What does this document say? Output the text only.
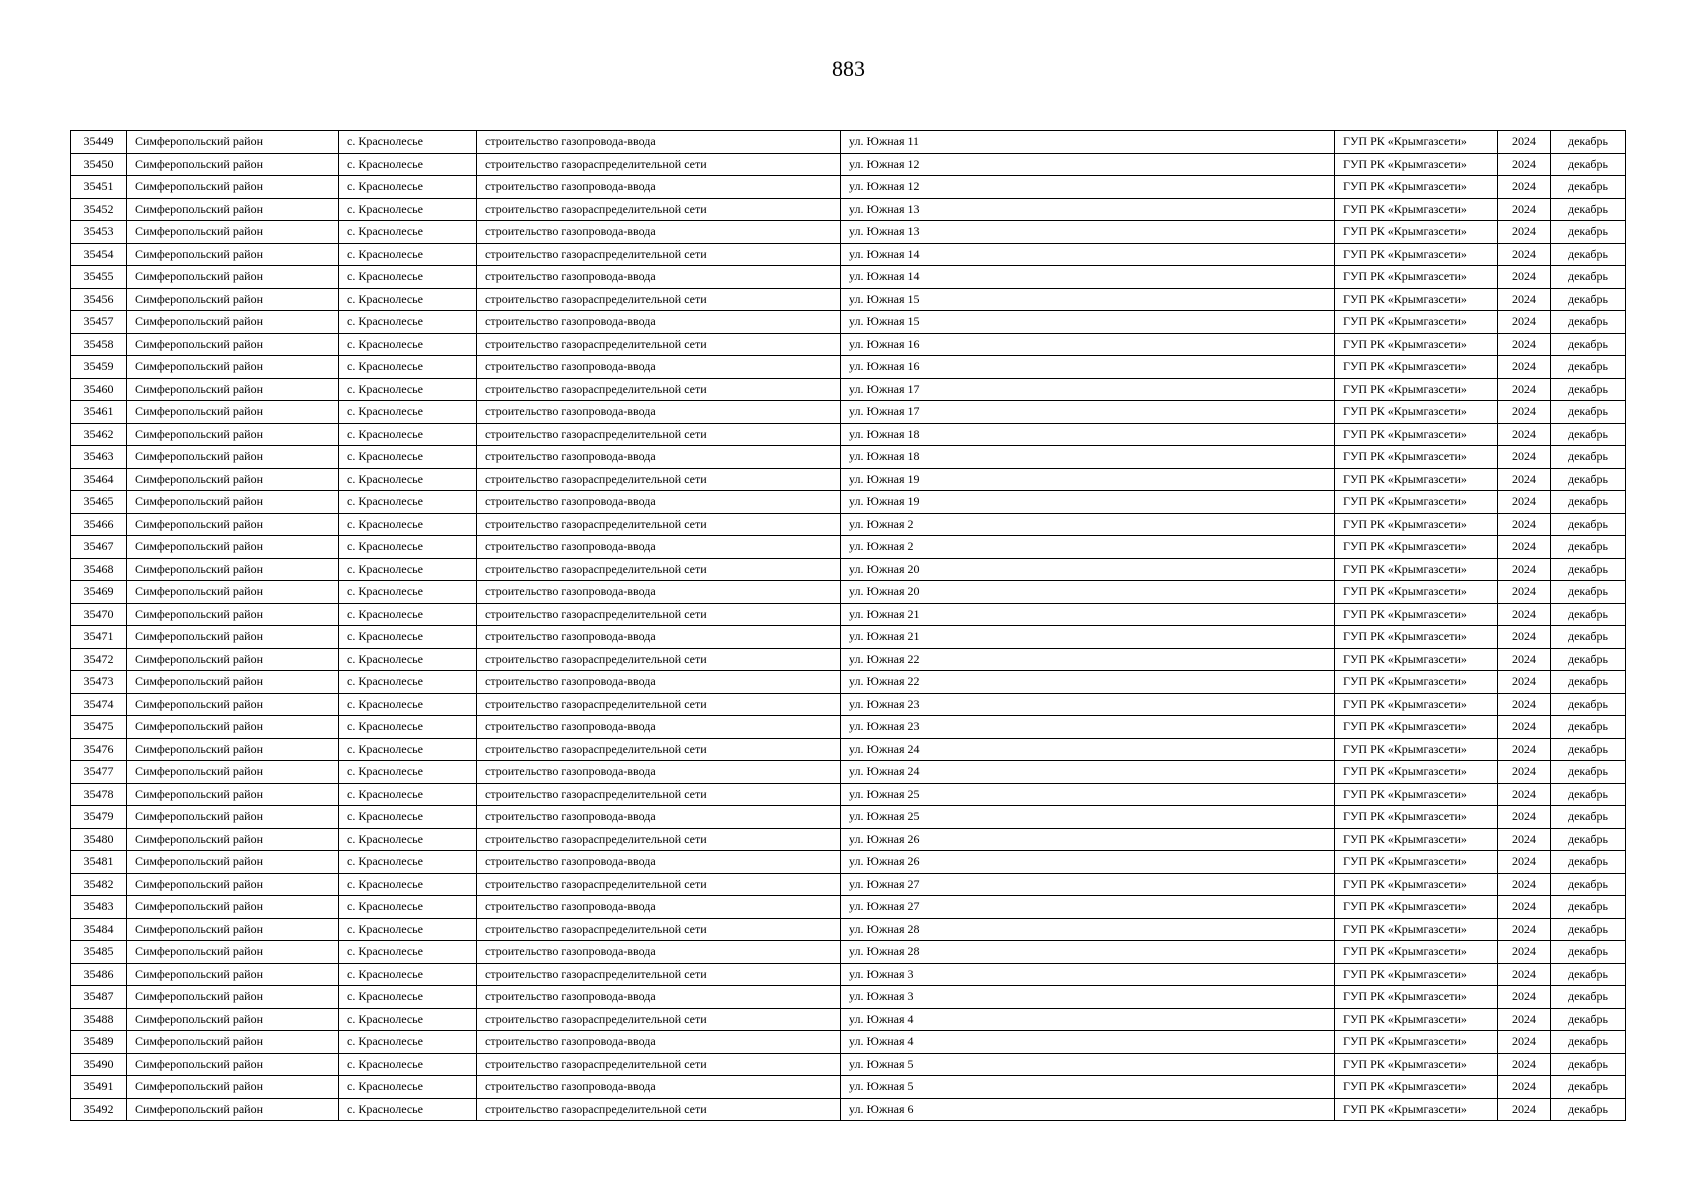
883
35449	Симферопольский район	с. Краснолесье	строительство газопровода-ввода	ул. Южная 11	ГУП РК «Крымгазсети»	2024	декабрь
35450	Симферопольский район	с. Краснолесье	строительство газораспределительной сети	ул. Южная 12	ГУП РК «Крымгазсети»	2024	декабрь
35451	Симферопольский район	с. Краснолесье	строительство газопровода-ввода	ул. Южная 12	ГУП РК «Крымгазсети»	2024	декабрь
35452	Симферопольский район	с. Краснолесье	строительство газораспределительной сети	ул. Южная 13	ГУП РК «Крымгазсети»	2024	декабрь
35453	Симферопольский район	с. Краснолесье	строительство газопровода-ввода	ул. Южная 13	ГУП РК «Крымгазсети»	2024	декабрь
35454	Симферопольский район	с. Краснолесье	строительство газораспределительной сети	ул. Южная 14	ГУП РК «Крымгазсети»	2024	декабрь
35455	Симферопольский район	с. Краснолесье	строительство газопровода-ввода	ул. Южная 14	ГУП РК «Крымгазсети»	2024	декабрь
35456	Симферопольский район	с. Краснолесье	строительство газораспределительной сети	ул. Южная 15	ГУП РК «Крымгазсети»	2024	декабрь
35457	Симферопольский район	с. Краснолесье	строительство газопровода-ввода	ул. Южная 15	ГУП РК «Крымгазсети»	2024	декабрь
35458	Симферопольский район	с. Краснолесье	строительство газораспределительной сети	ул. Южная 16	ГУП РК «Крымгазсети»	2024	декабрь
35459	Симферопольский район	с. Краснолесье	строительство газопровода-ввода	ул. Южная 16	ГУП РК «Крымгазсети»	2024	декабрь
35460	Симферопольский район	с. Краснолесье	строительство газораспределительной сети	ул. Южная 17	ГУП РК «Крымгазсети»	2024	декабрь
35461	Симферопольский район	с. Краснолесье	строительство газопровода-ввода	ул. Южная 17	ГУП РК «Крымгазсети»	2024	декабрь
35462	Симферопольский район	с. Краснолесье	строительство газораспределительной сети	ул. Южная 18	ГУП РК «Крымгазсети»	2024	декабрь
35463	Симферопольский район	с. Краснолесье	строительство газопровода-ввода	ул. Южная 18	ГУП РК «Крымгазсети»	2024	декабрь
35464	Симферопольский район	с. Краснолесье	строительство газораспределительной сети	ул. Южная 19	ГУП РК «Крымгазсети»	2024	декабрь
35465	Симферопольский район	с. Краснолесье	строительство газопровода-ввода	ул. Южная 19	ГУП РК «Крымгазсети»	2024	декабрь
35466	Симферопольский район	с. Краснолесье	строительство газораспределительной сети	ул. Южная 2	ГУП РК «Крымгазсети»	2024	декабрь
35467	Симферопольский район	с. Краснолесье	строительство газопровода-ввода	ул. Южная 2	ГУП РК «Крымгазсети»	2024	декабрь
35468	Симферопольский район	с. Краснолесье	строительство газораспределительной сети	ул. Южная 20	ГУП РК «Крымгазсети»	2024	декабрь
35469	Симферопольский район	с. Краснолесье	строительство газопровода-ввода	ул. Южная 20	ГУП РК «Крымгазсети»	2024	декабрь
35470	Симферопольский район	с. Краснолесье	строительство газораспределительной сети	ул. Южная 21	ГУП РК «Крымгазсети»	2024	декабрь
35471	Симферопольский район	с. Краснолесье	строительство газопровода-ввода	ул. Южная 21	ГУП РК «Крымгазсети»	2024	декабрь
35472	Симферопольский район	с. Краснолесье	строительство газораспределительной сети	ул. Южная 22	ГУП РК «Крымгазсети»	2024	декабрь
35473	Симферопольский район	с. Краснолесье	строительство газопровода-ввода	ул. Южная 22	ГУП РК «Крымгазсети»	2024	декабрь
35474	Симферопольский район	с. Краснолесье	строительство газораспределительной сети	ул. Южная 23	ГУП РК «Крымгазсети»	2024	декабрь
35475	Симферопольский район	с. Краснолесье	строительство газопровода-ввода	ул. Южная 23	ГУП РК «Крымгазсети»	2024	декабрь
35476	Симферопольский район	с. Краснолесье	строительство газораспределительной сети	ул. Южная 24	ГУП РК «Крымгазсети»	2024	декабрь
35477	Симферопольский район	с. Краснолесье	строительство газопровода-ввода	ул. Южная 24	ГУП РК «Крымгазсети»	2024	декабрь
35478	Симферопольский район	с. Краснолесье	строительство газораспределительной сети	ул. Южная 25	ГУП РК «Крымгазсети»	2024	декабрь
35479	Симферопольский район	с. Краснолесье	строительство газопровода-ввода	ул. Южная 25	ГУП РК «Крымгазсети»	2024	декабрь
35480	Симферопольский район	с. Краснолесье	строительство газораспределительной сети	ул. Южная 26	ГУП РК «Крымгазсети»	2024	декабрь
35481	Симферопольский район	с. Краснолесье	строительство газопровода-ввода	ул. Южная 26	ГУП РК «Крымгазсети»	2024	декабрь
35482	Симферопольский район	с. Краснолесье	строительство газораспределительной сети	ул. Южная 27	ГУП РК «Крымгазсети»	2024	декабрь
35483	Симферопольский район	с. Краснолесье	строительство газопровода-ввода	ул. Южная 27	ГУП РК «Крымгазсети»	2024	декабрь
35484	Симферопольский район	с. Краснолесье	строительство газораспределительной сети	ул. Южная 28	ГУП РК «Крымгазсети»	2024	декабрь
35485	Симферопольский район	с. Краснолесье	строительство газопровода-ввода	ул. Южная 28	ГУП РК «Крымгазсети»	2024	декабрь
35486	Симферопольский район	с. Краснолесье	строительство газораспределительной сети	ул. Южная 3	ГУП РК «Крымгазсети»	2024	декабрь
35487	Симферопольский район	с. Краснолесье	строительство газопровода-ввода	ул. Южная 3	ГУП РК «Крымгазсети»	2024	декабрь
35488	Симферопольский район	с. Краснолесье	строительство газораспределительной сети	ул. Южная 4	ГУП РК «Крымгазсети»	2024	декабрь
35489	Симферопольский район	с. Краснолесье	строительство газопровода-ввода	ул. Южная 4	ГУП РК «Крымгазсети»	2024	декабрь
35490	Симферопольский район	с. Краснолесье	строительство газораспределительной сети	ул. Южная 5	ГУП РК «Крымгазсети»	2024	декабрь
35491	Симферопольский район	с. Краснолесье	строительство газопровода-ввода	ул. Южная 5	ГУП РК «Крымгазсети»	2024	декабрь
35492	Симферопольский район	с. Краснолесье	строительство газораспределительной сети	ул. Южная 6	ГУП РК «Крымгазсети»	2024	декабрь
